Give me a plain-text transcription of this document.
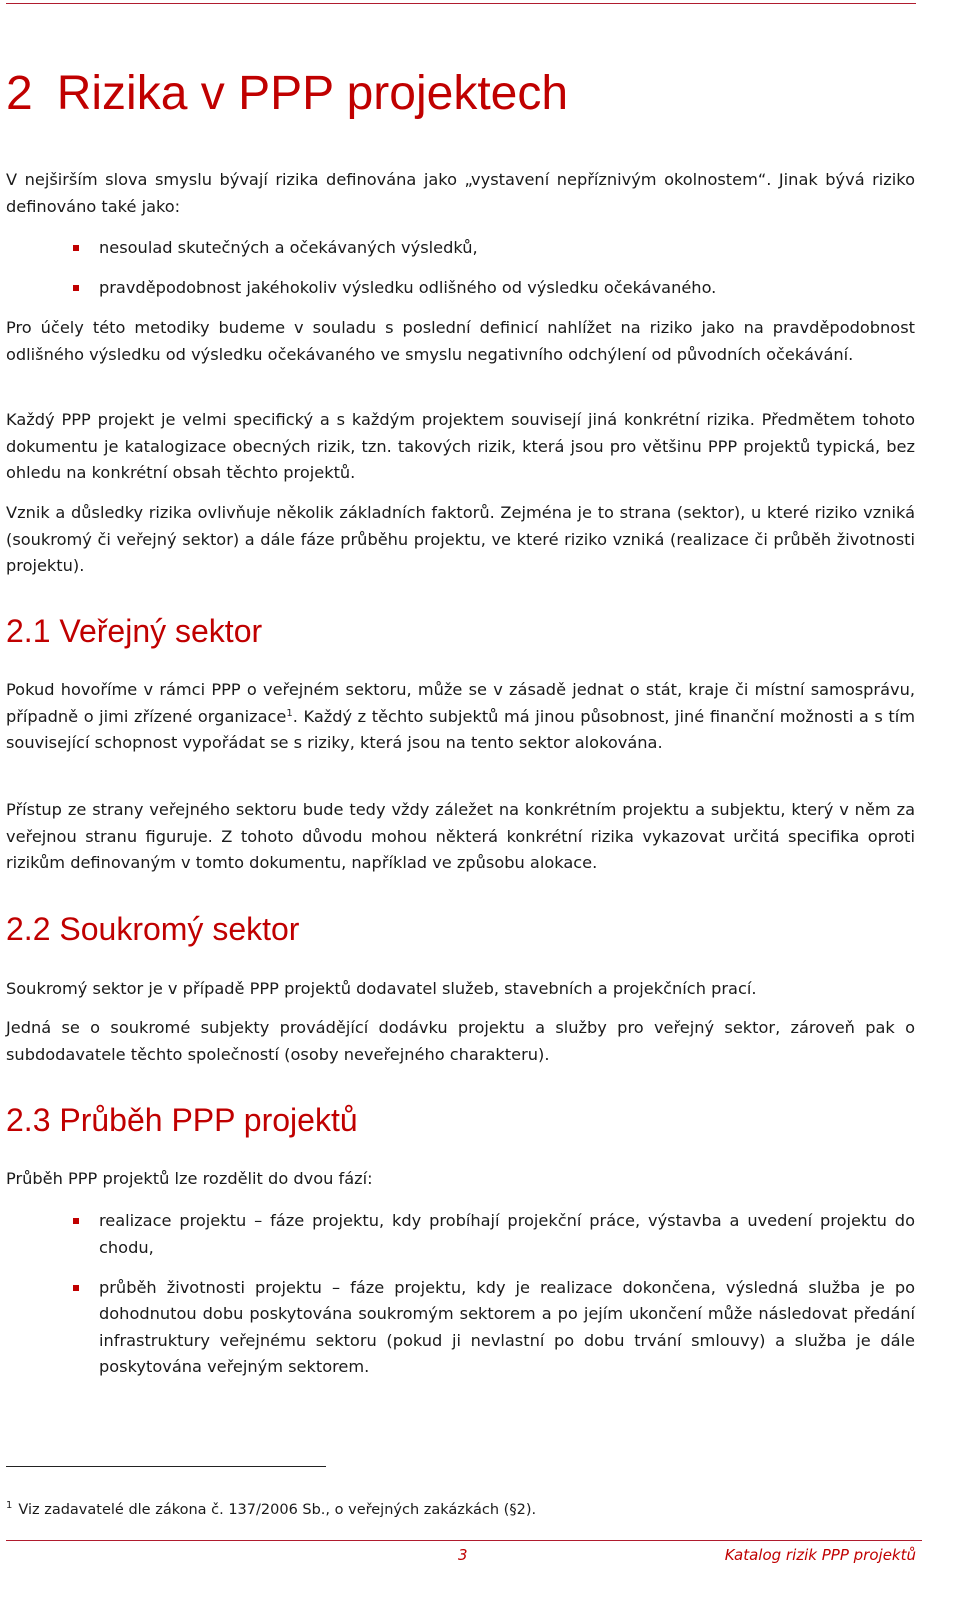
2 Rizika v PPP projektech

V nejširším slova smyslu bývají rizika definována jako „vystavení nepříznivým okolnostem“. Jinak bývá riziko definováno také jako:

nesoulad skutečných a očekávaných výsledků,
pravděpodobnost jakéhokoliv výsledku odlišného od výsledku očekávaného.

Pro účely této metodiky budeme v souladu s poslední definicí nahlížet na riziko jako na pravděpodobnost odlišného výsledku od výsledku očekávaného ve smyslu negativního odchýlení od původních očekávání.

Každý PPP projekt je velmi specifický a s každým projektem souvisejí jiná konkrétní rizika. Předmětem tohoto dokumentu je katalogizace obecných rizik, tzn. takových rizik, která jsou pro většinu PPP projektů typická, bez ohledu na konkrétní obsah těchto projektů.

Vznik a důsledky rizika ovlivňuje několik základních faktorů. Zejména je to strana (sektor), u které riziko vzniká (soukromý či veřejný sektor) a dále fáze průběhu projektu, ve které riziko vzniká (realizace či průběh životnosti projektu).

2.1 Veřejný sektor

Pokud hovoříme v rámci PPP o veřejném sektoru, může se v zásadě jednat o stát, kraje či místní samosprávu, případně o jimi zřízené organizace$^1$. Každý z těchto subjektů má jinou působnost, jiné finanční možnosti a s tím související schopnost vypořádat se s riziky, která jsou na tento sektor alokována.

Přístup ze strany veřejného sektoru bude tedy vždy záležet na konkrétním projektu a subjektu, který v něm za veřejnou stranu figuruje. Z tohoto důvodu mohou některá konkrétní rizika vykazovat určitá specifika oproti rizikům definovaným v tomto dokumentu, například ve způsobu alokace.

2.2 Soukromý sektor

Soukromý sektor je v případě PPP projektů dodavatel služeb, stavebních a projekčních prací.

Jedná se o soukromé subjekty provádějící dodávku projektu a služby pro veřejný sektor, zároveň pak o subdodavatele těchto společností (osoby neveřejného charakteru).

2.3 Průběh PPP projektů

Průběh PPP projektů lze rozdělit do dvou fází:

realizace projektu – fáze projektu, kdy probíhají projekční práce, výstavba a uvedení projektu do chodu,
průběh životnosti projektu – fáze projektu, kdy je realizace dokončena, výsledná služba je po dohodnutou dobu poskytována soukromým sektorem a po jejím ukončení může následovat předání infrastruktury veřejnému sektoru (pokud ji nevlastní po dobu trvání smlouvy) a služba je dále poskytována veřejným sektorem.
$^1$ Viz zadavatelé dle zákona č. 137/2006 Sb., o veřejných zakázkách (§2).
3	Katalog rizik PPP projektů
